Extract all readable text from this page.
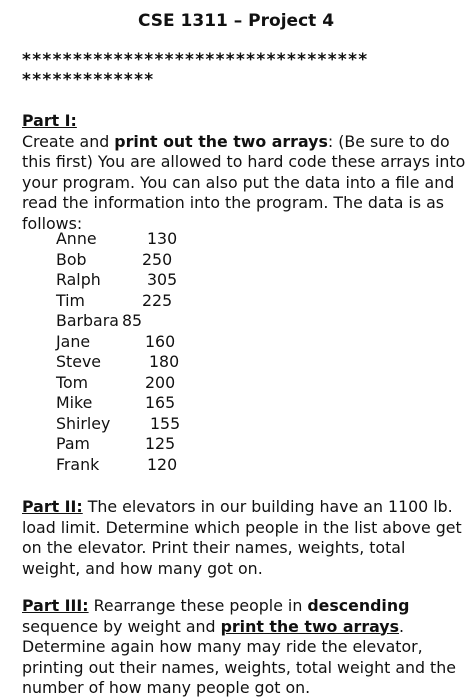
CSE 1311 – Project 4
**********************************
*************
Part I:
Create and print out the two arrays: (Be sure to do this first) You are allowed to hard code these arrays into your program. You can also put the data into a file and read the information into the program. The data is as follows:
Anne	130
Bob	250
Ralph	305
Tim	225
Barbara 85
Jane	160
Steve	180
Tom	200
Mike	165
Shirley	155
Pam	125
Frank	120
Part II: The elevators in our building have an 1100 lb. load limit. Determine which people in the list above get on the elevator. Print their names, weights, total weight, and how many got on.
Part III: Rearrange these people in descending sequence by weight and print the two arrays. Determine again how many may ride the elevator, printing out their names, weights, total weight and the number of how many people got on.
